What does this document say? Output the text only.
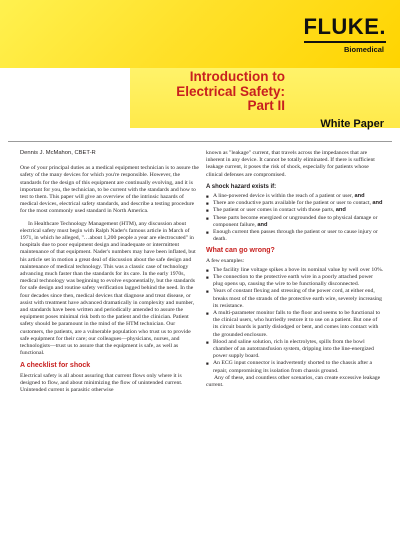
FLUKE.
Biomedical
Introduction to
Electrical Safety:
Part II
White Paper
Dennis J. McMahon, CBET-R
One of your principal duties as a medical equipment technician is to assure the safety of the many devices for which you're responsible. However, the standards for the design of this equipment are continually evolving, and it is important for you, the technician, to be current with the standards and how to test to them. This paper will give an overview of the intrinsic hazards of medical devices, electrical safety standards, and describe a testing procedure for the most commonly used standard in North America.
In Healthcare Technology Management (HTM), any discussion about electrical safety must begin with Ralph Nader's famous article in March of 1971, in which he alleged, "…about 1,200 people a year are electrocuted" in hospitals due to poor equipment design and inadequate or intermittent maintenance of that equipment. Nader's numbers may have been inflated, but his article set in motion a great deal of discussion about the safe design and maintenance of medical technology. This was a classic case of technology advancing much faster than the standards for its care. In the early 1970s, medical technology was beginning to evolve exponentially, but the standards for safe design and routine safety verification lagged behind the need. In the four decades since then, medical devices that diagnose and treat disease, or assist with treatment have advanced dramatically in complexity and number, and standards have been written and periodically amended to assure the equipment poses minimal risk both to the patient and the clinician. Patient safety should be paramount in the mind of the HTM technician. Our customers, the patients, are a vulnerable population who trust us to provide safe equipment for their care; our colleagues—physicians, nurses, and technologists—trust us to assure that the equipment is safe, as well as functional.
A checklist for shock
Electrical safety is all about assuring that current flows only where it is designed to flow, and about minimizing the flow of unintended current. Unintended current is parasitic otherwise
known as "leakage" current, that travels across the impedances that are inherent in any device. It cannot be totally eliminated. If there is sufficient leakage current, it poses the risk of shock, especially for patients whose clinical defenses are compromised.
A shock hazard exists if:
■ A line-powered device is within the reach of a patient or user, and
■ There are conductive parts available for the patient or user to contact, and
■ The patient or user comes in contact with those parts, and
■ These parts become energized or ungrounded due to physical damage or component failure, and
■ Enough current then passes through the patient or user to cause injury or death.
What can go wrong?
A few examples:
■ The facility line voltage spikes a bove its nominal value by well over 10%.
■ The connection to the protective earth wire in a poorly attached power plug opens up, causing the wire to be functionally disconnected.
■ Years of constant flexing and stressing of the power cord, at either end, breaks most of the strands of the protective earth wire, severely increasing its resistance.
■ A multi-parameter monitor falls to the floor and seems to be functional to the clinical users, who hurriedly restore it to use on a patient. But one of its circuit boards is partly dislodged or bent, and comes into contact with the grounded enclosure.
■ Blood and saline solution, rich in electrolytes, spills from the bowl chamber of an autotransfusion system, dripping into the line-energized power supply board.
■ An ECG input connector is inadvertently shorted to the chassis after a repair, compromising its isolation from chassis ground.
Any of these, and countless other scenarios, can create excessive leakage current.
